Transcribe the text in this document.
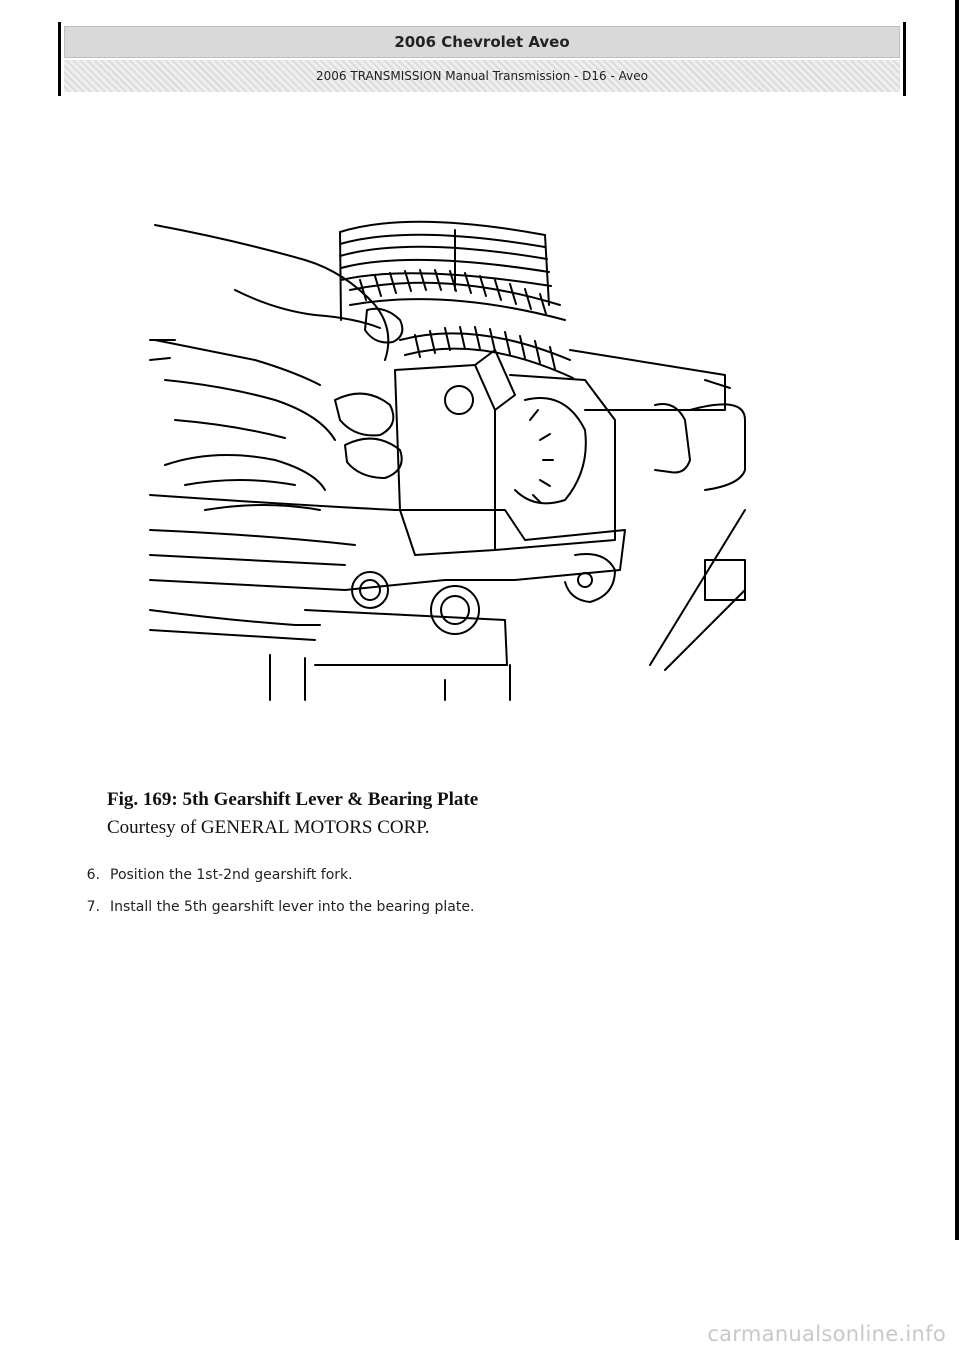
2006 Chevrolet Aveo
2006 TRANSMISSION Manual Transmission - D16 - Aveo
Fig. 169: 5th Gearshift Lever & Bearing Plate
Courtesy of GENERAL MOTORS CORP.
6. Position the 1st-2nd gearshift fork.
7. Install the 5th gearshift lever into the bearing plate.
carmanualsonline.info
